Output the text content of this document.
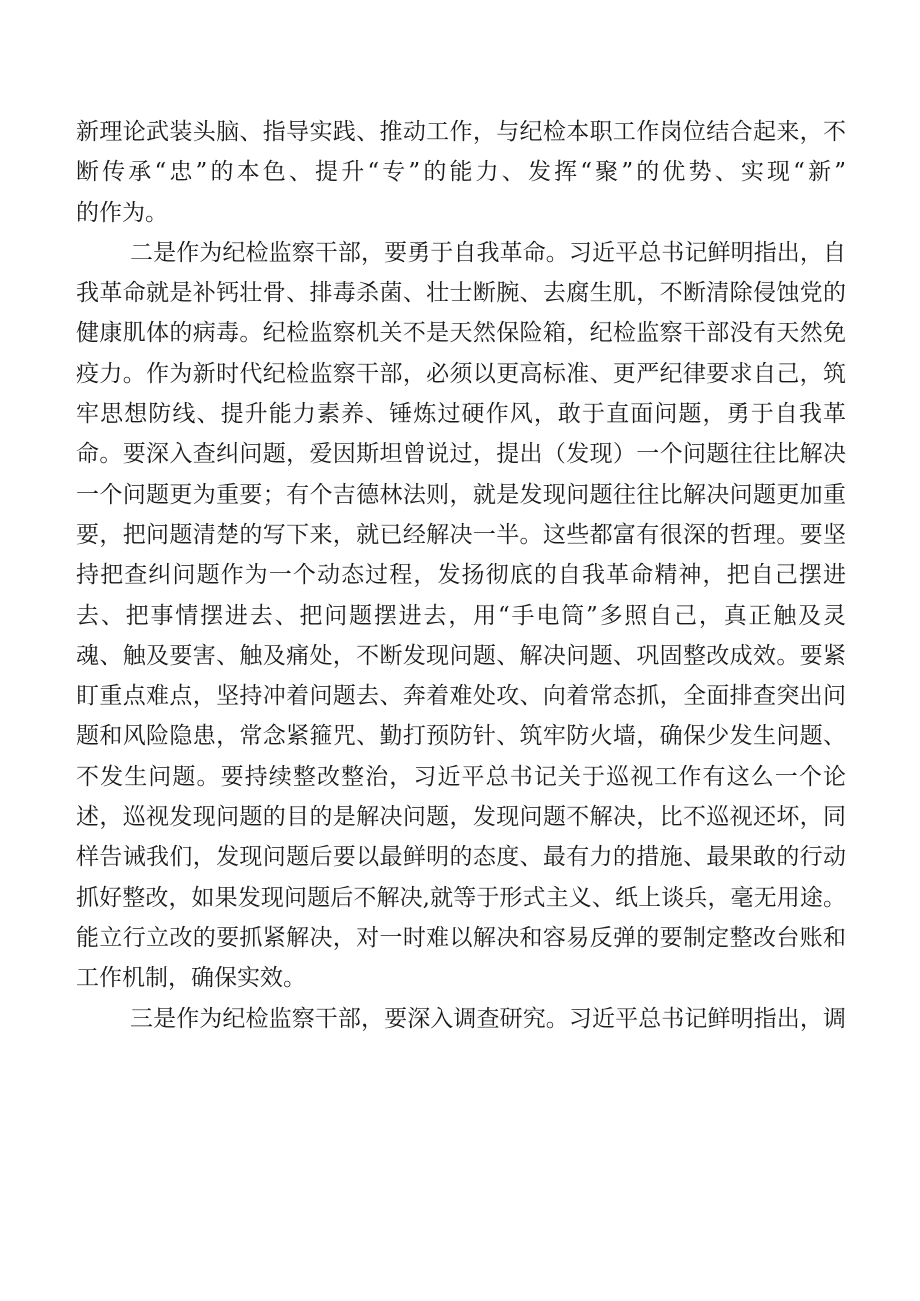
新理论武装头脑、指导实践、推动工作，与纪检本职工作岗位结合起来，不
断传承“忠”的本色、提升“专”的能力、发挥“聚”的优势、实现“新”
的作为。
二是作为纪检监察干部，要勇于自我革命。习近平总书记鲜明指出，自
我革命就是补钙壮骨、排毒杀菌、壮士断腕、去腐生肌，不断清除侵蚀党的
健康肌体的病毒。纪检监察机关不是天然保险箱，纪检监察干部没有天然免
疫力。作为新时代纪检监察干部，必须以更高标准、更严纪律要求自己，筑
牢思想防线、提升能力素养、锤炼过硬作风，敢于直面问题，勇于自我革
命。要深入查纠问题，爱因斯坦曾说过，提出（发现）一个问题往往比解决
一个问题更为重要；有个吉德林法则，就是发现问题往往比解决问题更加重
要，把问题清楚的写下来，就已经解决一半。这些都富有很深的哲理。要坚
持把查纠问题作为一个动态过程，发扬彻底的自我革命精神，把自己摆进
去、把事情摆进去、把问题摆进去，用“手电筒”多照自己，真正触及灵
魂、触及要害、触及痛处，不断发现问题、解决问题、巩固整改成效。要紧
盯重点难点，坚持冲着问题去、奔着难处攻、向着常态抓，全面排查突出问
题和风险隐患，常念紧箍咒、勤打预防针、筑牢防火墙，确保少发生问题、
不发生问题。要持续整改整治，习近平总书记关于巡视工作有这么一个论
述，巡视发现问题的目的是解决问题，发现问题不解决，比不巡视还坏，同
样告诫我们，发现问题后要以最鲜明的态度、最有力的措施、最果敢的行动
抓好整改，如果发现问题后不解决,就等于形式主义、纸上谈兵，毫无用途。
能立行立改的要抓紧解决，对一时难以解决和容易反弹的要制定整改台账和
工作机制，确保实效。
三是作为纪检监察干部，要深入调查研究。习近平总书记鲜明指出，调
